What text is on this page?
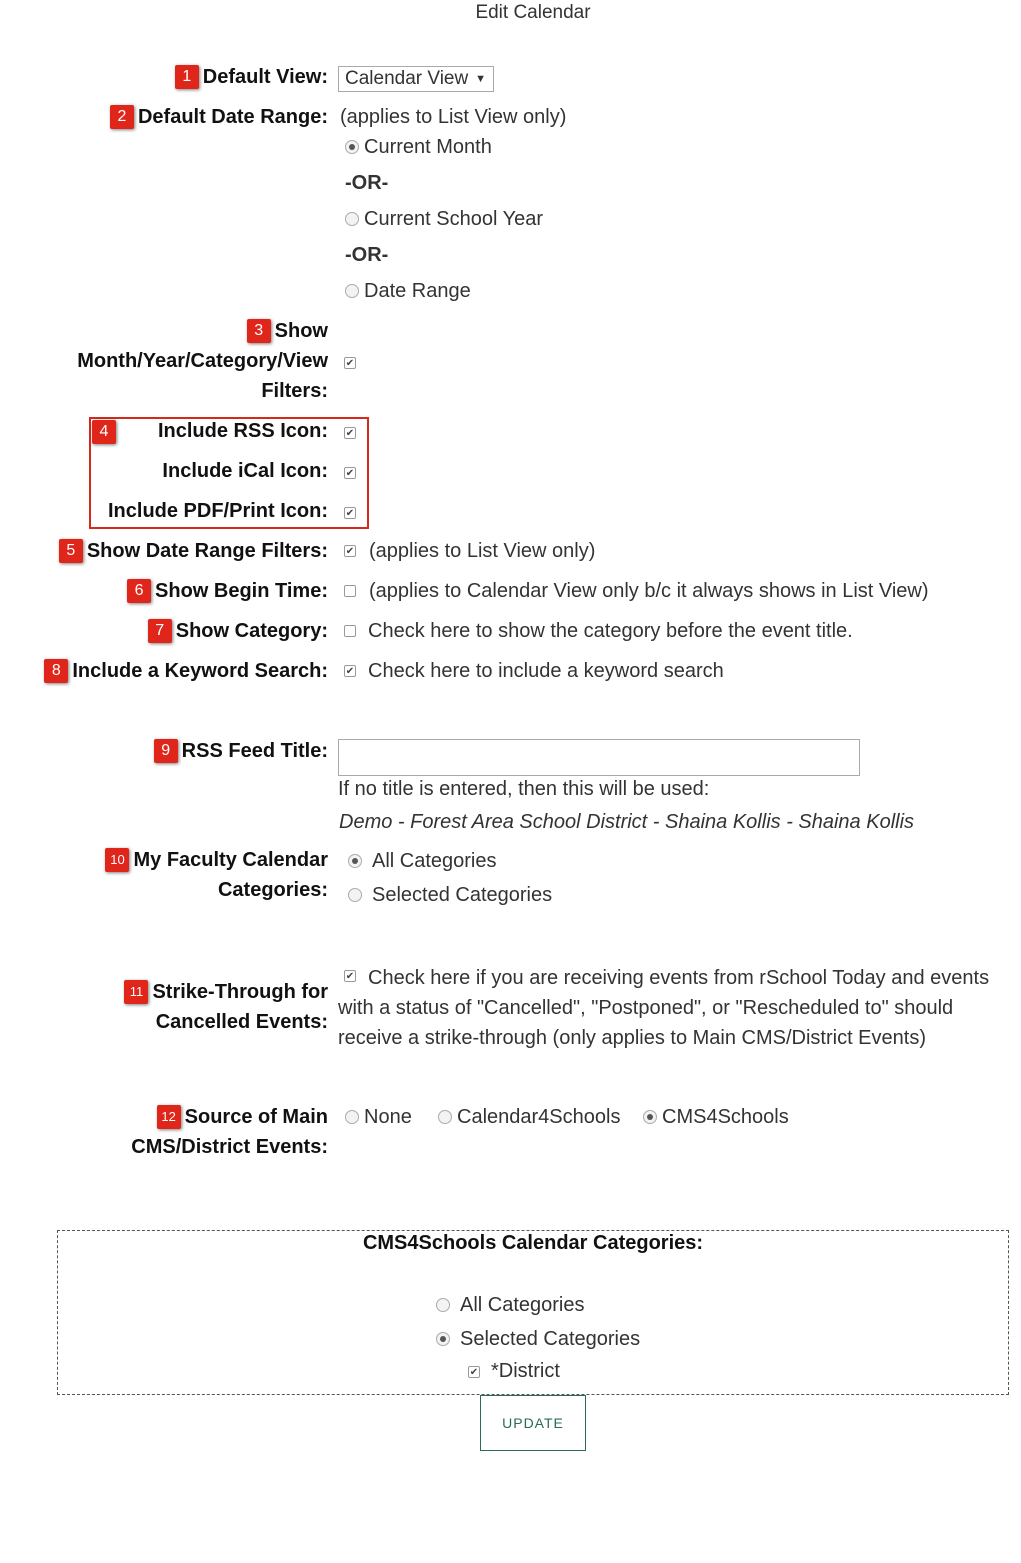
Edit Calendar
1 Default View: Calendar View ▼
2 Default Date Range: (applies to List View only)
Current Month
-OR-
Current School Year
-OR-
Date Range
3 Show
Month/Year/Category/View
Filters:
✔
4	Include RSS Icon:
✔
Include iCal Icon:
✔
Include PDF/Print Icon:
✔
5 Show Date Range Filters: ✔ (applies to List View only)
6 Show Begin Time: (applies to Calendar View only b/c it always shows in List View)
7 Show Category: Check here to show the category before the event title.
8 Include a Keyword Search: ✔ Check here to include a keyword search
9 RSS Feed Title:
If no title is entered, then this will be used:
Demo - Forest Area School District - Shaina Kollis - Shaina Kollis
10 My Faculty Calendar
Categories:
All Categories
Selected Categories
11 Strike-Through for
Cancelled Events:
✔
Check here if you are receiving events from rSchool Today and events with a status of "Cancelled", "Postponed", or "Rescheduled to" should receive a strike-through (only applies to Main CMS/District Events)
12 Source of Main
CMS/District Events:
None Calendar4Schools CMS4Schools
CMS4Schools Calendar Categories:
All Categories
Selected Categories
✔
*District
UPDATE
